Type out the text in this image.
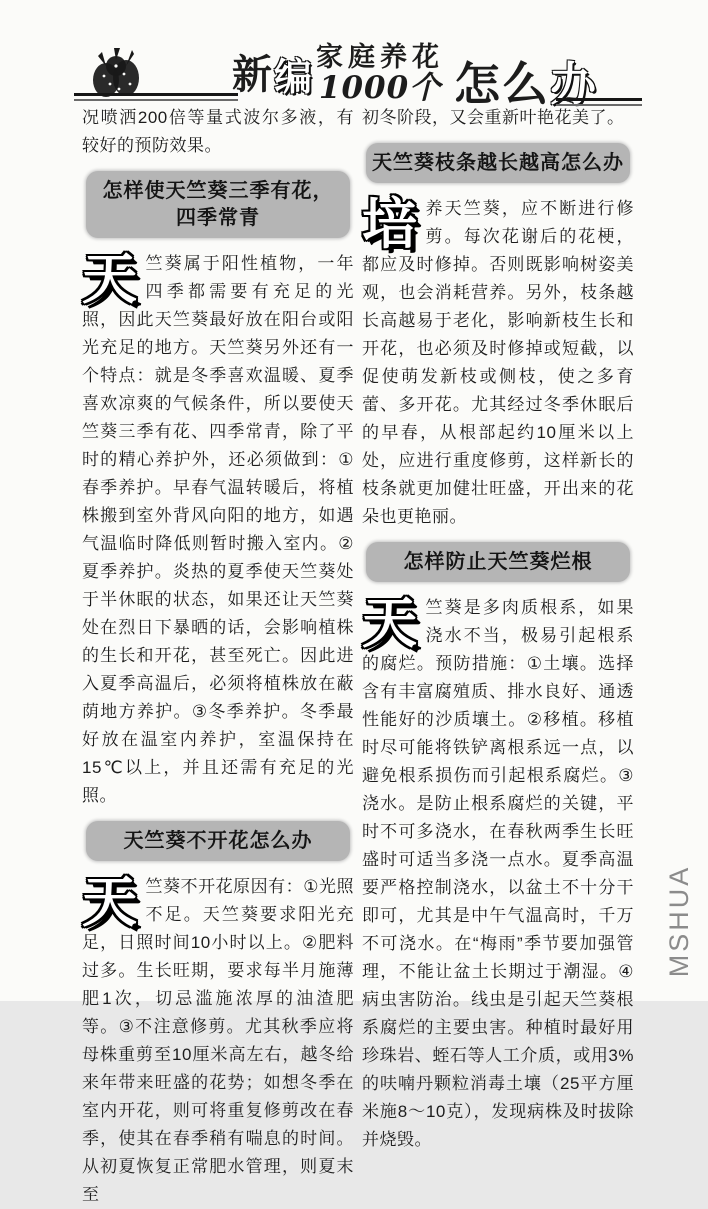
新编 家庭养花
1000个 怎么办

况喷洒200倍等量式波尔多液，有较好的预防效果。

怎样使天竺葵三季有花，
四季常青

天竺葵属于阳性植物，一年四季都需要有充足的光照，因此天竺葵最好放在阳台或阳光充足的地方。天竺葵另外还有一个特点：就是冬季喜欢温暖、夏季喜欢凉爽的气候条件，所以要使天竺葵三季有花、四季常青，除了平时的精心养护外，还必须做到：①春季养护。早春气温转暖后，将植株搬到室外背风向阳的地方，如遇气温临时降低则暂时搬入室内。②夏季养护。炎热的夏季使天竺葵处于半休眠的状态，如果还让天竺葵处在烈日下暴晒的话，会影响植株的生长和开花，甚至死亡。因此进入夏季高温后，必须将植株放在蔽荫地方养护。③冬季养护。冬季最好放在温室内养护，室温保持在15℃以上，并且还需有充足的光照。

天竺葵不开花怎么办

天竺葵不开花原因有：①光照不足。天竺葵要求阳光充足，日照时间10小时以上。②肥料过多。生长旺期，要求每半月施薄肥1次，切忌滥施浓厚的油渣肥等。③不注意修剪。尤其秋季应将母株重剪至10厘米高左右，越冬给来年带来旺盛的花势；如想冬季在室内开花，则可将重复修剪改在春季，使其在春季稍有喘息的时间。从初夏恢复正常肥水管理，则夏末至

初冬阶段，又会重新叶艳花美了。

天竺葵枝条越长越高怎么办

培养天竺葵，应不断进行修剪。每次花谢后的花梗，都应及时修掉。否则既影响树姿美观，也会消耗营养。另外，枝条越长高越易于老化，影响新枝生长和开花，也必须及时修掉或短截，以促使萌发新枝或侧枝，使之多育蕾、多开花。尤其经过冬季休眠后的早春，从根部起约10厘米以上处，应进行重度修剪，这样新长的枝条就更加健壮旺盛，开出来的花朵也更艳丽。

怎样防止天竺葵烂根

天竺葵是多肉质根系，如果浇水不当，极易引起根系的腐烂。预防措施：①土壤。选择含有丰富腐殖质、排水良好、通透性能好的沙质壤土。②移植。移植时尽可能将铁铲离根系远一点，以避免根系损伤而引起根系腐烂。③浇水。是防止根系腐烂的关键，平时不可多浇水，在春秋两季生长旺盛时可适当多浇一点水。夏季高温要严格控制浇水，以盆土不十分干即可，尤其是中午气温高时，千万不可浇水。在“梅雨”季节要加强管理，不能让盆土长期过于潮湿。④病虫害防治。线虫是引起天竺葵根系腐烂的主要虫害。种植时最好用珍珠岩、蛭石等人工介质，或用3%的呋喃丹颗粒消毒土壤（25平方厘米施8～10克），发现病株及时拔除并烧毁。

MSHUA
